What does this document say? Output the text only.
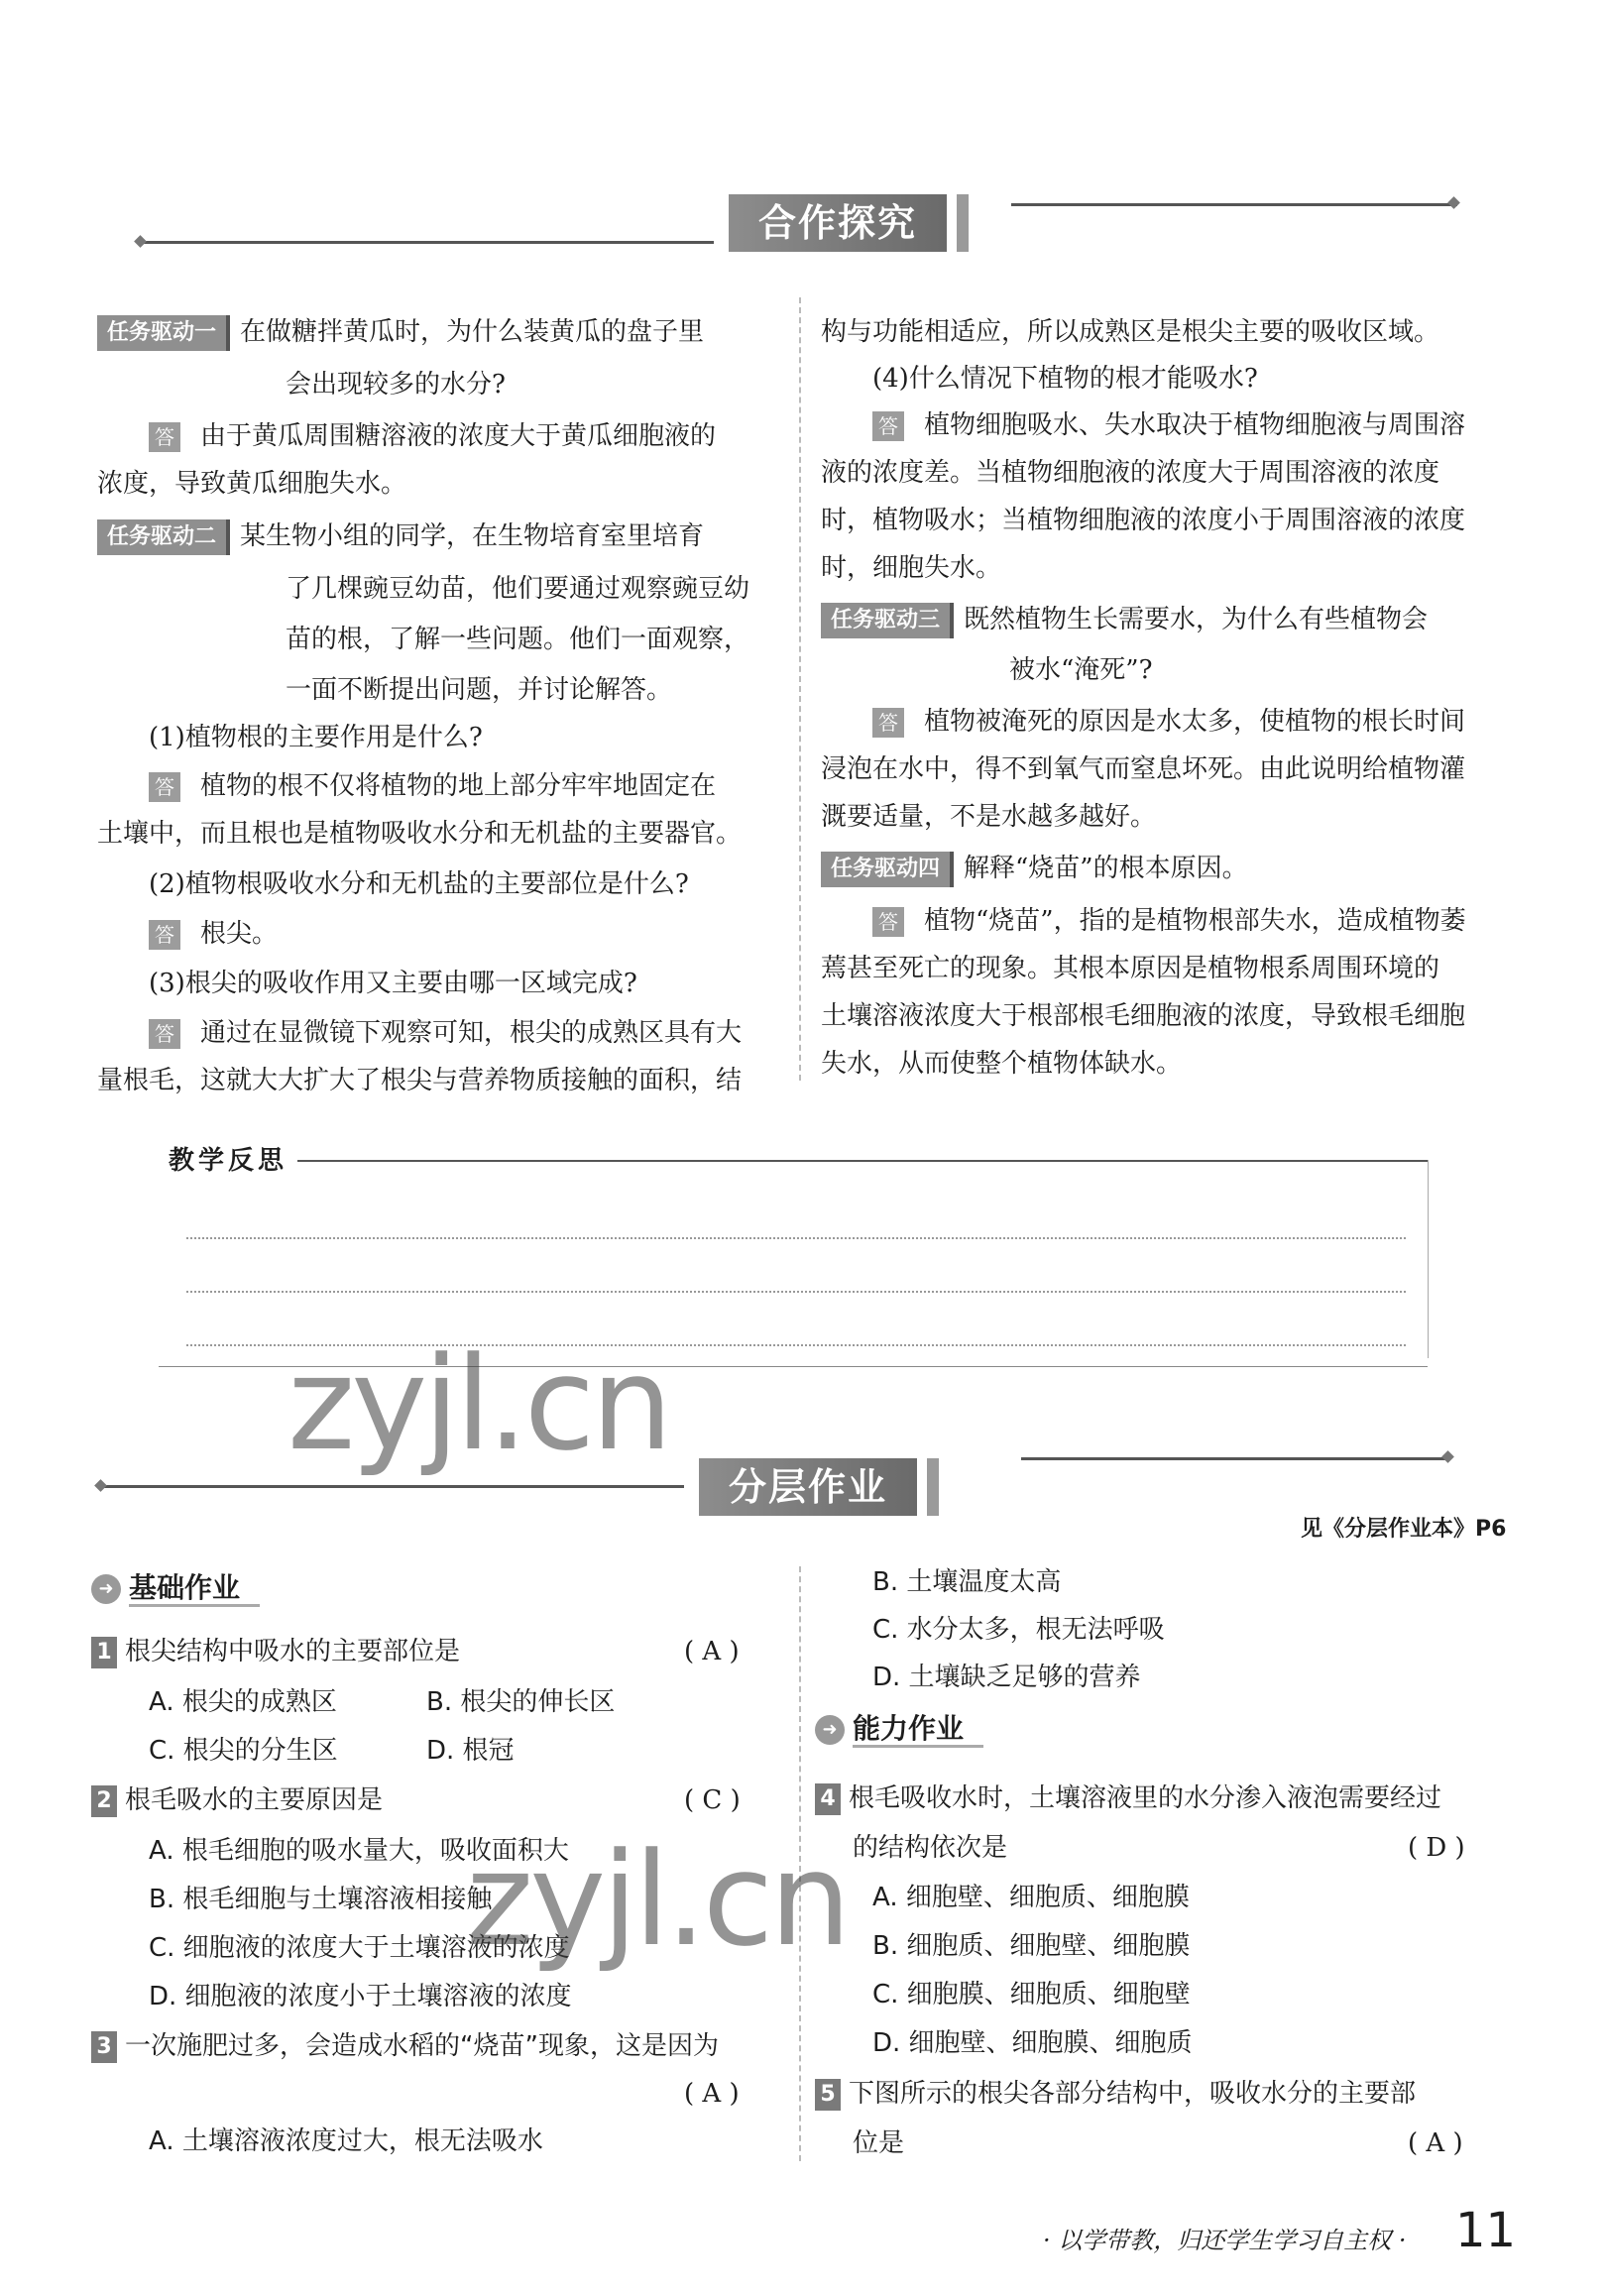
合作探究
任务驱动一 在做糖拌黄瓜时，为什么装黄瓜的盘子里
会出现较多的水分?
答 由于黄瓜周围糖溶液的浓度大于黄瓜细胞液的
浓度，导致黄瓜细胞失水。
任务驱动二 某生物小组的同学，在生物培育室里培育
了几棵豌豆幼苗，他们要通过观察豌豆幼
苗的根，了解一些问题。他们一面观察，
一面不断提出问题，并讨论解答。
(1)植物根的主要作用是什么?
答 植物的根不仅将植物的地上部分牢牢地固定在
土壤中，而且根也是植物吸收水分和无机盐的主要器官。
(2)植物根吸收水分和无机盐的主要部位是什么?
答 根尖。
(3)根尖的吸收作用又主要由哪一区域完成?
答 通过在显微镜下观察可知，根尖的成熟区具有大
量根毛，这就大大扩大了根尖与营养物质接触的面积，结
构与功能相适应，所以成熟区是根尖主要的吸收区域。
(4)什么情况下植物的根才能吸水?
答 植物细胞吸水、失水取决于植物细胞液与周围溶
液的浓度差。当植物细胞液的浓度大于周围溶液的浓度
时，植物吸水；当植物细胞液的浓度小于周围溶液的浓度
时，细胞失水。
任务驱动三 既然植物生长需要水，为什么有些植物会
被水“淹死”?
答 植物被淹死的原因是水太多，使植物的根长时间
浸泡在水中，得不到氧气而窒息坏死。由此说明给植物灌
溉要适量，不是水越多越好。
任务驱动四 解释“烧苗”的根本原因。
答 植物“烧苗”，指的是植物根部失水，造成植物萎
蔫甚至死亡的现象。其根本原因是植物根系周围环境的
土壤溶液浓度大于根部根毛细胞液的浓度，导致根毛细胞
失水，从而使整个植物体缺水。
教学反思
zyjl.cn
分层作业
见《分层作业本》P6
➜ 基础作业
1 根尖结构中吸水的主要部位是	( A )
A. 根尖的成熟区	B. 根尖的伸长区
C. 根尖的分生区	D. 根冠
2 根毛吸水的主要原因是	( C )
A. 根毛细胞的吸水量大，吸收面积大
B. 根毛细胞与土壤溶液相接触
C. 细胞液的浓度大于土壤溶液的浓度
D. 细胞液的浓度小于土壤溶液的浓度
3 一次施肥过多，会造成水稻的“烧苗”现象，这是因为
( A )
A. 土壤溶液浓度过大，根无法吸水
B. 土壤温度太高
C. 水分太多，根无法呼吸
D. 土壤缺乏足够的营养
➜ 能力作业
4 根毛吸收水时，土壤溶液里的水分渗入液泡需要经过
的结构依次是	( D )
A. 细胞壁、细胞质、细胞膜
B. 细胞质、细胞壁、细胞膜
C. 细胞膜、细胞质、细胞壁
D. 细胞壁、细胞膜、细胞质
5 下图所示的根尖各部分结构中，吸收水分的主要部
位是	( A )
zyjl.cn
· 以学带教，归还学生学习自主权 · 11
